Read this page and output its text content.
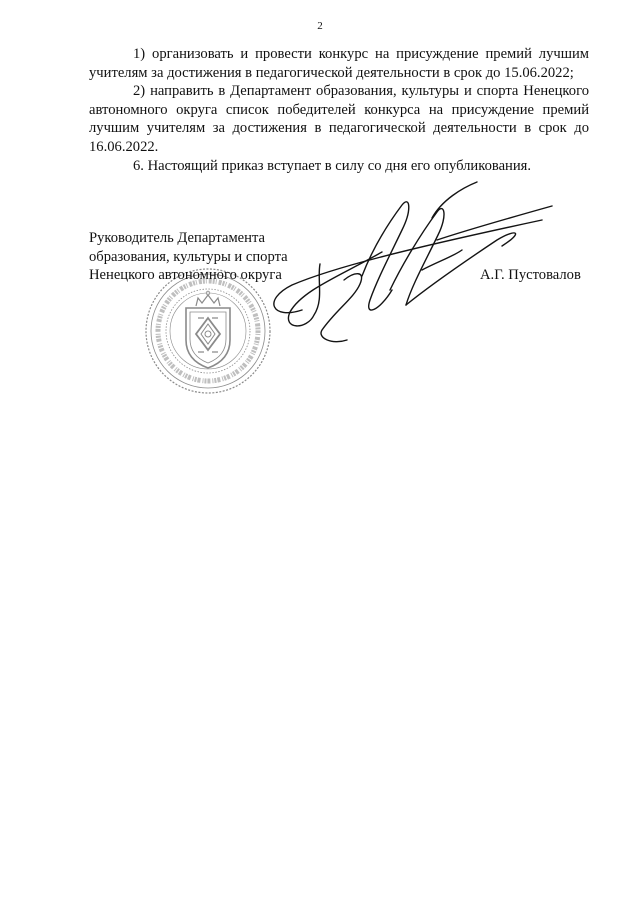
2

1) организовать и провести конкурс на присуждение премий лучшим учителям за достижения в педагогической деятельности в срок до 15.06.2022;

2) направить в Департамент образования, культуры и спорта Ненецкого автономного округа список победителей конкурса на присуждение премий лучшим учителям за достижения в педагогической деятельности в срок до 16.06.2022.

6. Настоящий приказ вступает в силу со дня его опубликования.

Руководитель Департамента
образования, культуры и спорта
Ненецкого автономного округа	А.Г. Пустовалов
